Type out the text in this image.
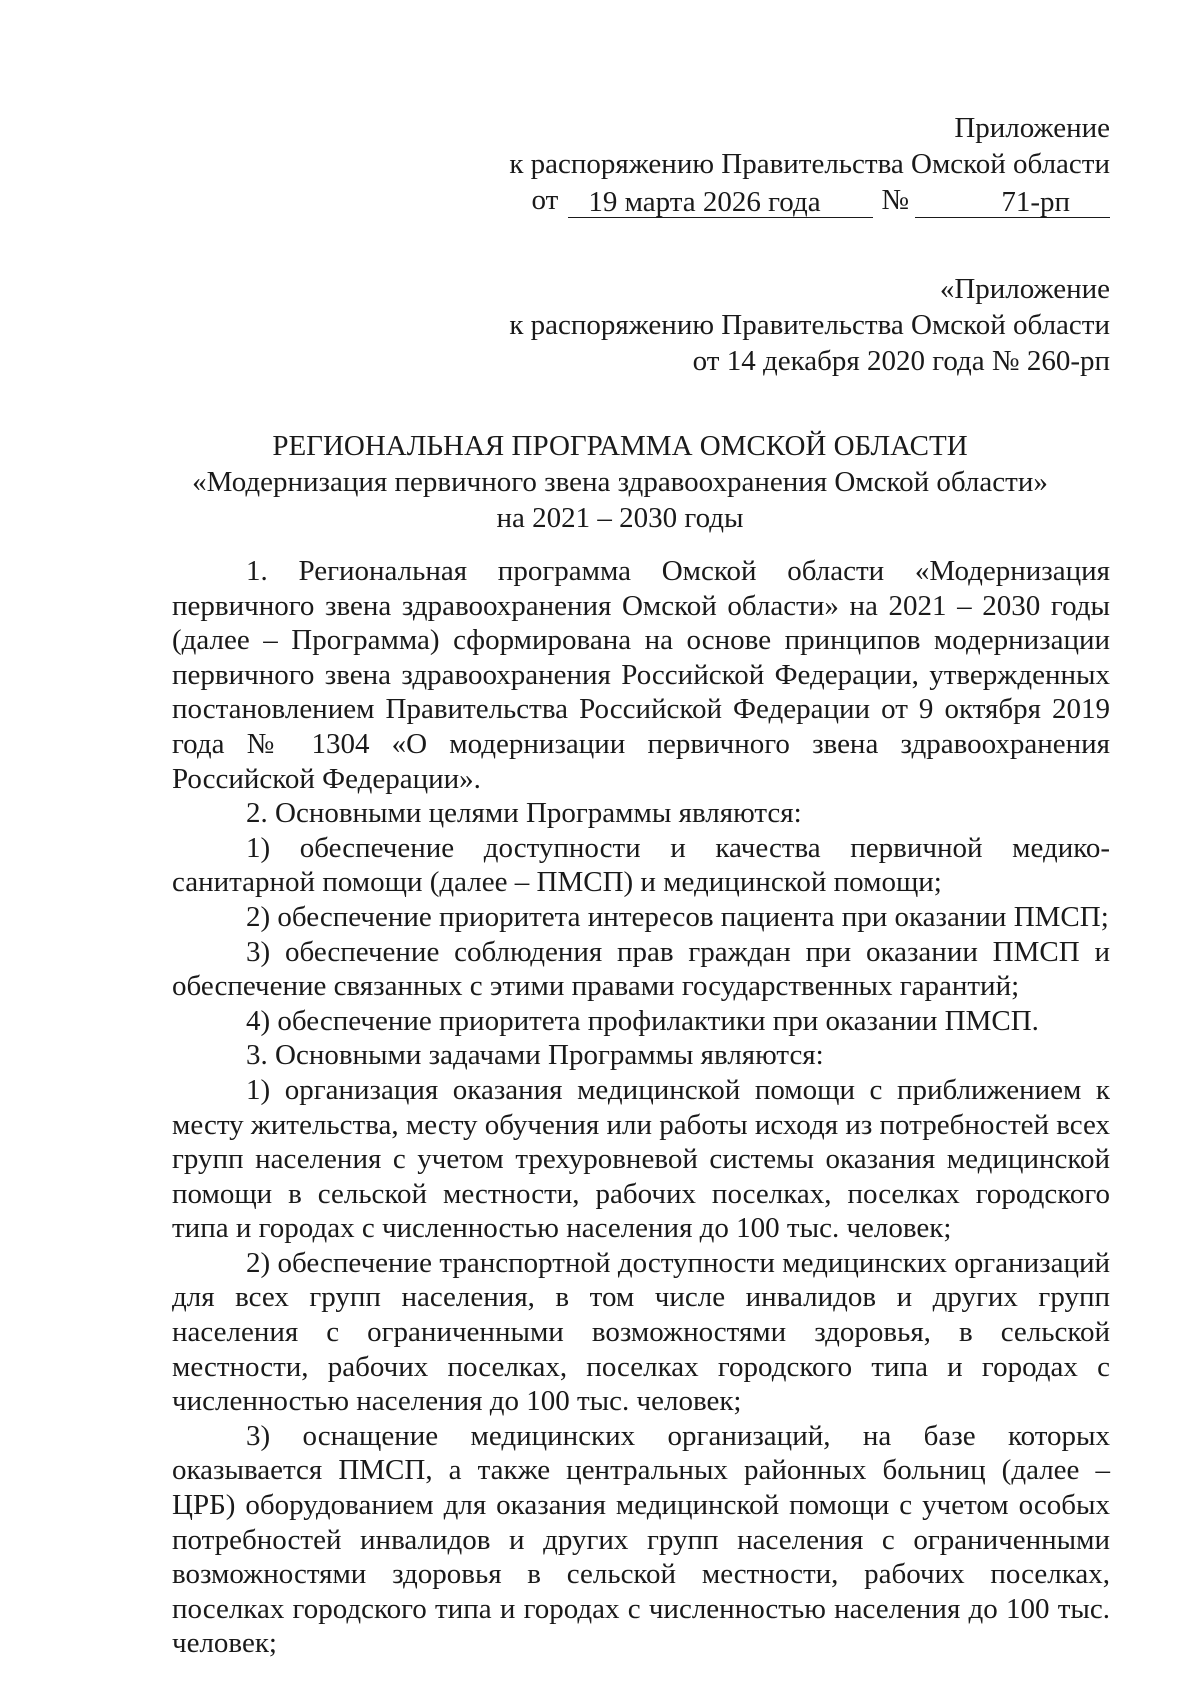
Приложение
к распоряжению Правительства Омской области
от	19 марта 2026 года	№	71-рп
«Приложение
к распоряжению Правительства Омской области
от 14 декабря 2020 года № 260-рп
РЕГИОНАЛЬНАЯ ПРОГРАММА ОМСКОЙ ОБЛАСТИ
«Модернизация первичного звена здравоохранения Омской области»
на 2021 – 2030 годы

1. Региональная программа Омской области «Модернизация первичного звена здравоохранения Омской области» на 2021 – 2030 годы (далее – Программа) сформирована на основе принципов модернизации первичного звена здравоохранения Российской Федерации, утвержденных постановлением Правительства Российской Федерации от 9 октября 2019 года № 1304 «О модернизации первичного звена здравоохранения Российской Федерации».

2. Основными целями Программы являются:

1) обеспечение доступности и качества первичной медико-санитарной помощи (далее – ПМСП) и медицинской помощи;

2) обеспечение приоритета интересов пациента при оказании ПМСП;

3) обеспечение соблюдения прав граждан при оказании ПМСП и обеспечение связанных с этими правами государственных гарантий;

4) обеспечение приоритета профилактики при оказании ПМСП.

3. Основными задачами Программы являются:

1) организация оказания медицинской помощи с приближением к месту жительства, месту обучения или работы исходя из потребностей всех групп населения с учетом трехуровневой системы оказания медицинской помощи в сельской местности, рабочих поселках, поселках городского типа и городах с численностью населения до 100 тыс. человек;

2) обеспечение транспортной доступности медицинских организаций для всех групп населения, в том числе инвалидов и других групп населения с ограниченными возможностями здоровья, в сельской местности, рабочих поселках, поселках городского типа и городах с численностью населения до 100 тыс. человек;

3) оснащение медицинских организаций, на базе которых оказывается ПМСП, а также центральных районных больниц (далее – ЦРБ) оборудованием для оказания медицинской помощи с учетом особых потребностей инвалидов и других групп населения с ограниченными возможностями здоровья в сельской местности, рабочих поселках, поселках городского типа и городах с численностью населения до 100 тыс. человек;
